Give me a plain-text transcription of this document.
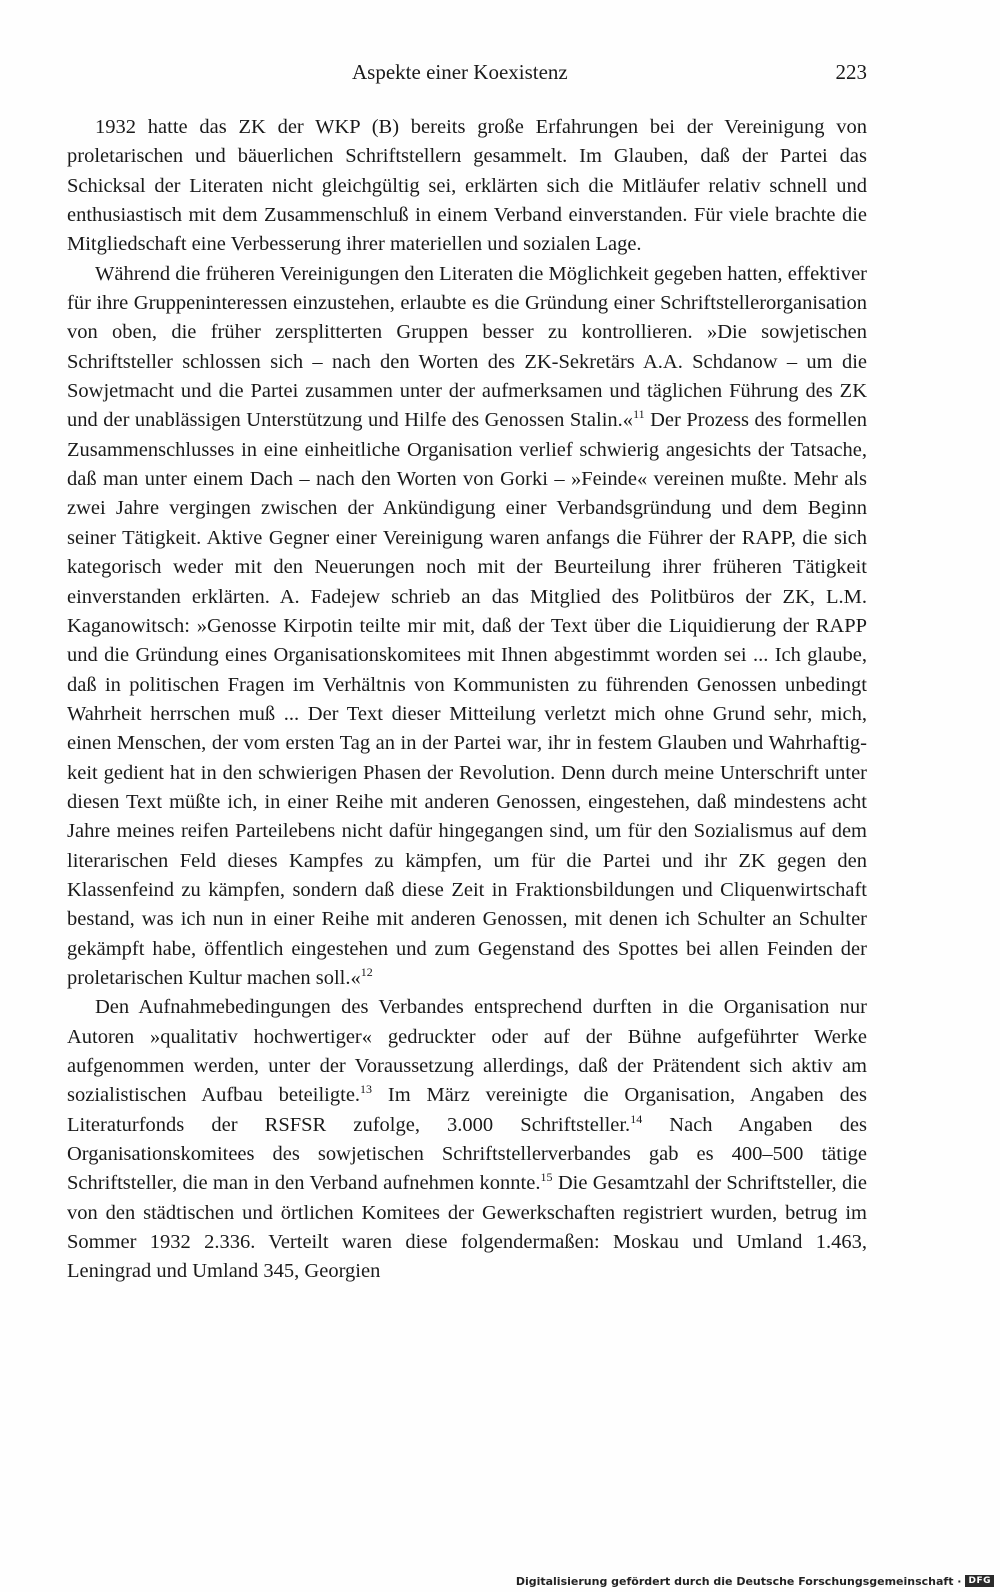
Aspekte einer Koexistenz	223

1932 hatte das ZK der WKP (B) bereits große Erfahrungen bei der Vereinigung von proletarischen und bäuerlichen Schriftstellern gesammelt. Im Glauben, daß der Partei das Schicksal der Literaten nicht gleichgültig sei, erklärten sich die Mitläufer relativ schnell und enthusiastisch mit dem Zusammenschluß in einem Verband einverstanden. Für viele brachte die Mitgliedschaft eine Verbesserung ihrer materiellen und sozialen Lage.

Während die früheren Vereinigungen den Literaten die Möglichkeit gegeben hatten, effektiver für ihre Gruppeninteressen einzustehen, erlaubte es die Gründung einer Schriftstellerorganisation von oben, die früher zersplitterten Gruppen besser zu kontrollieren. »Die sowjetischen Schriftsteller schlossen sich – nach den Worten des ZK-Sekretärs A.A. Schdanow – um die Sowjetmacht und die Partei zusammen unter der aufmerksamen und täglichen Führung des ZK und der unablässigen Unterstützung und Hilfe des Genossen Stalin.«$^{11}$ Der Prozess des formellen Zusammenschlusses in eine einheitliche Organisation verlief schwierig angesichts der Tatsache, daß man unter einem Dach – nach den Worten von Gorki – »Feinde« vereinen mußte. Mehr als zwei Jahre vergingen zwischen der Ankündigung einer Verbandsgründung und dem Beginn seiner Tätigkeit. Aktive Gegner einer Vereinigung waren anfangs die Führer der RAPP, die sich kategorisch weder mit den Neuerungen noch mit der Beurteilung ihrer früheren Tätigkeit einverstanden erklärten. A. Fadejew schrieb an das Mitglied des Politbüros der ZK, L.M. Kaganowitsch: »Genosse Kirpotin teilte mir mit, daß der Text über die Liquidierung der RAPP und die Gründung eines Organisationskomitees mit Ihnen abgestimmt worden sei ... Ich glaube, daß in politischen Fragen im Verhältnis von Kommunisten zu führenden Genossen unbedingt Wahrheit herrschen muß ... Der Text dieser Mitteilung verletzt mich ohne Grund sehr, mich, einen Menschen, der vom ersten Tag an in der Partei war, ihr in festem Glauben und Wahrhaftigkeit gedient hat in den schwierigen Phasen der Revolution. Denn durch meine Unterschrift unter diesen Text müßte ich, in einer Reihe mit anderen Genossen, eingestehen, daß mindestens acht Jahre meines reifen Parteilebens nicht dafür hingegangen sind, um für den Sozialismus auf dem literarischen Feld dieses Kampfes zu kämpfen, um für die Partei und ihr ZK gegen den Klassenfeind zu kämpfen, sondern daß diese Zeit in Fraktionsbildungen und Cliquenwirtschaft bestand, was ich nun in einer Reihe mit anderen Genossen, mit denen ich Schulter an Schulter gekämpft habe, öffentlich eingestehen und zum Gegenstand des Spottes bei allen Feinden der proletarischen Kultur machen soll.«$^{12}$

Den Aufnahmebedingungen des Verbandes entsprechend durften in die Organisation nur Autoren »qualitativ hochwertiger« gedruckter oder auf der Bühne aufgeführter Werke aufgenommen werden, unter der Voraussetzung allerdings, daß der Prätendent sich aktiv am sozialistischen Aufbau beteiligte.$^{13}$ Im März vereinigte die Organisation, Angaben des Literaturfonds der RSFSR zufolge, 3.000 Schriftsteller.$^{14}$ Nach Angaben des Organisationskomitees des sowjetischen Schriftstellerverbandes gab es 400–500 tätige Schriftsteller, die man in den Verband aufnehmen konnte.$^{15}$ Die Gesamtzahl der Schriftsteller, die von den städtischen und örtlichen Komitees der Gewerkschaften registriert wurden, betrug im Sommer 1932 2.336. Verteilt waren diese folgendermaßen: Moskau und Umland 1.463, Leningrad und Umland 345, Georgien

Digitalisierung gefördert durch die Deutsche Forschungsgemeinschaft · DFG
